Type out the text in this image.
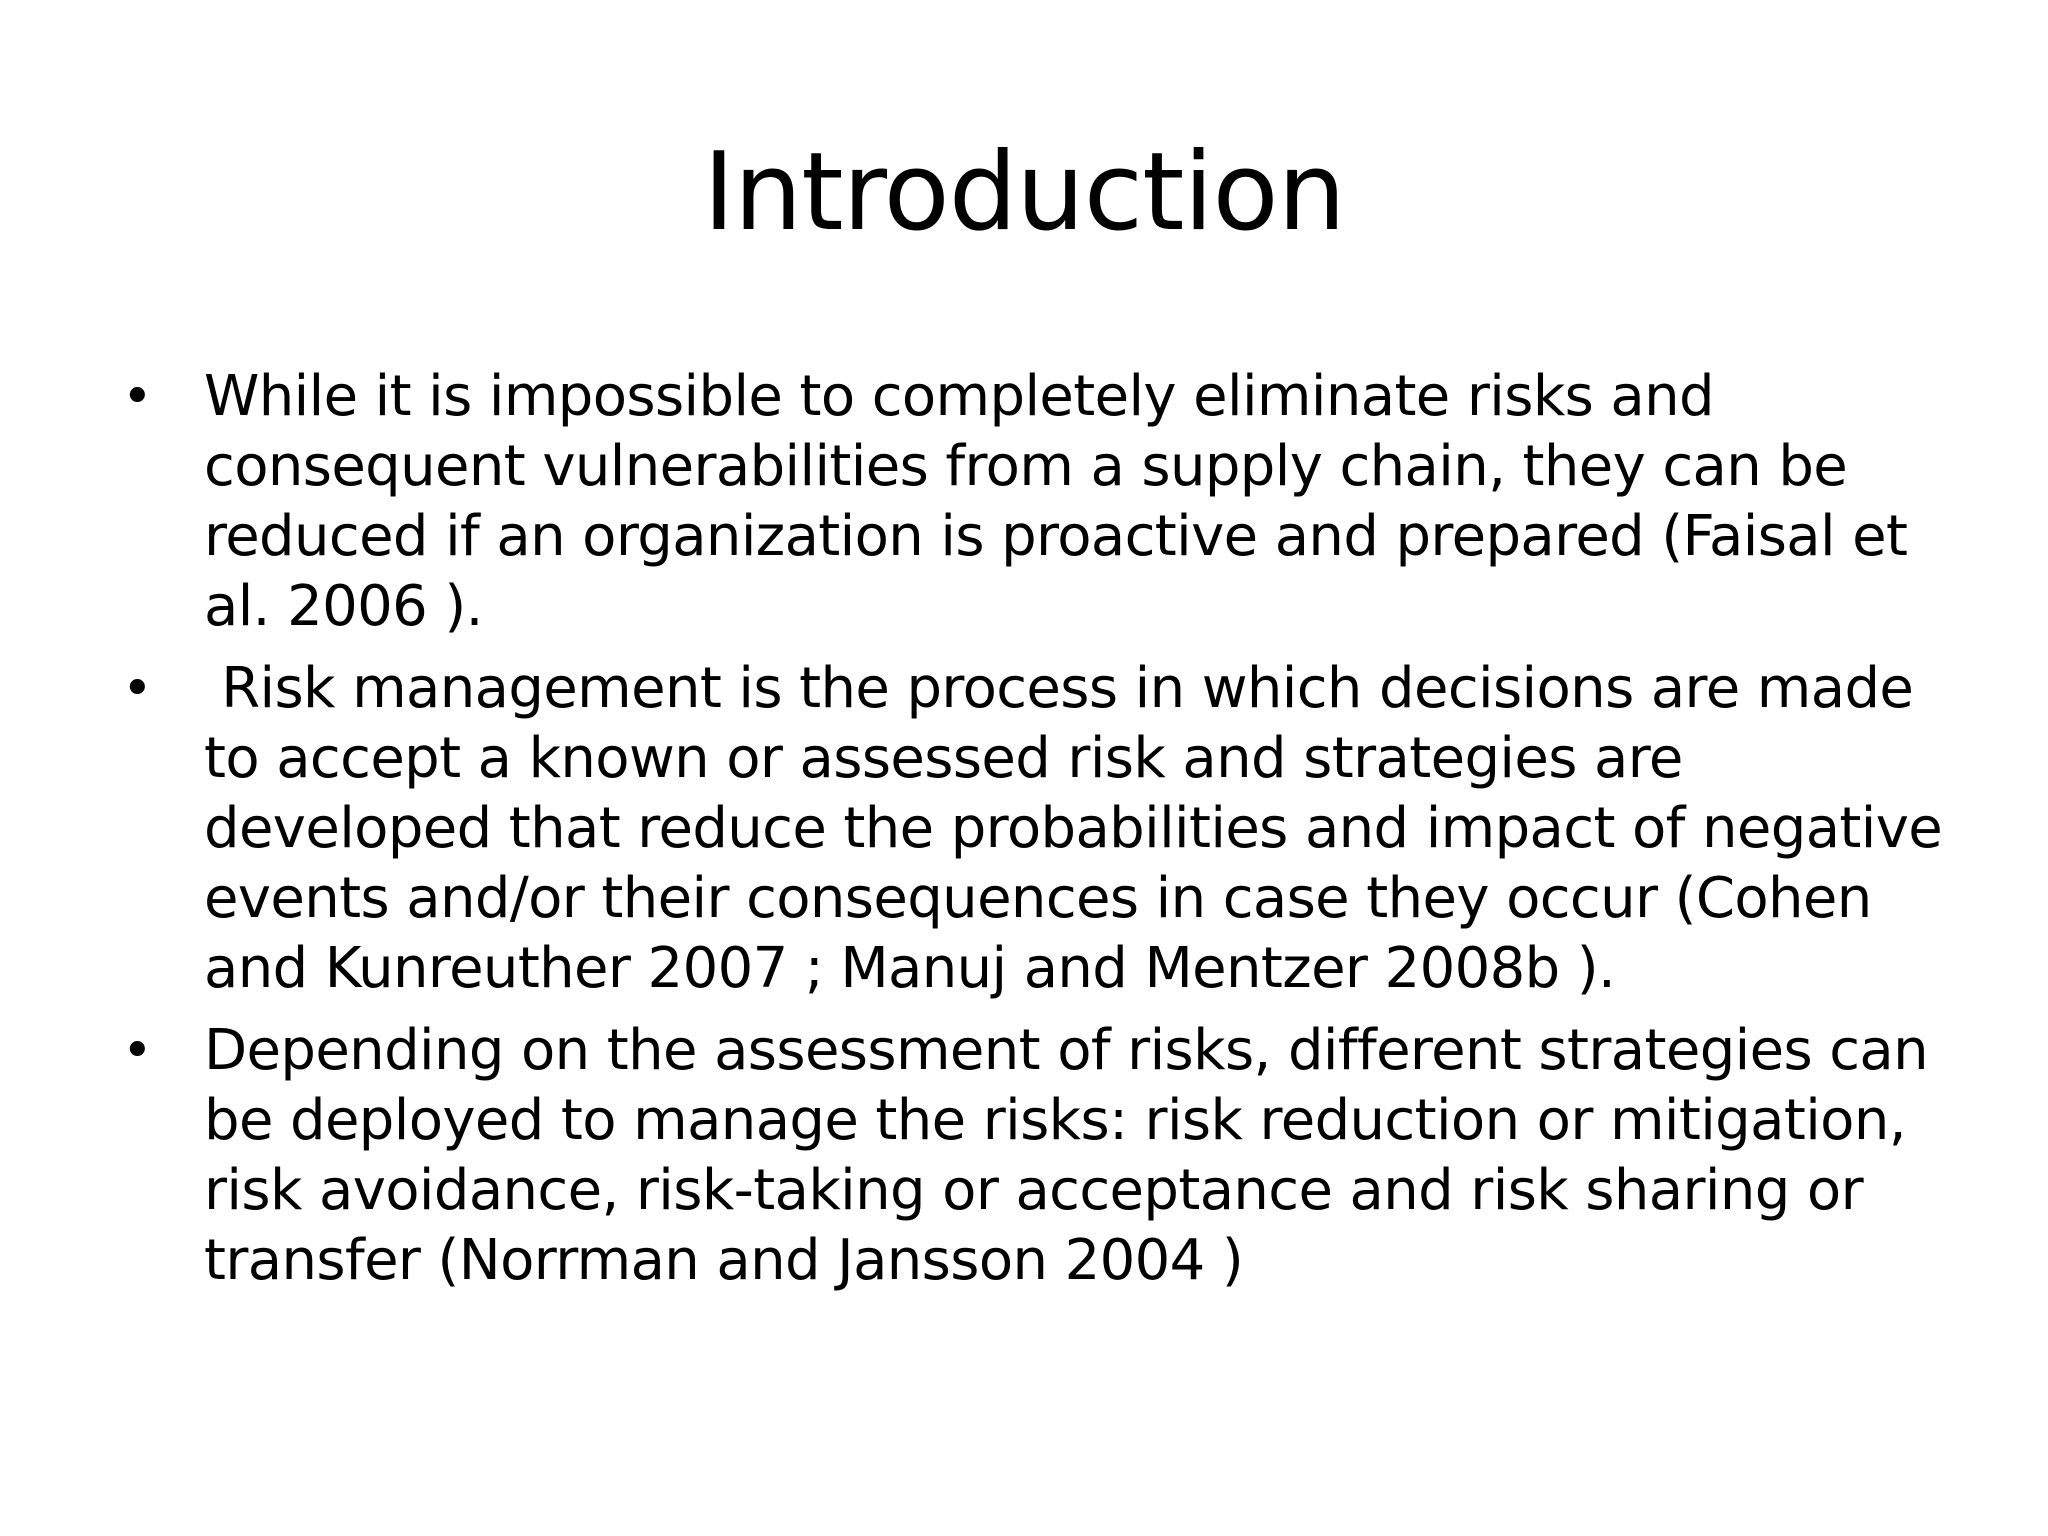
Introduction
• While it is impossible to completely eliminate risks and consequent vulnerabilities from a supply chain, they can be reduced if an organization is proactive and prepared (Faisal et al. 2006 ).
• Risk management is the process in which decisions are made to accept a known or assessed risk and strategies are developed that reduce the probabilities and impact of negative events and/or their consequences in case they occur (Cohen and Kunreuther 2007 ; Manuj and Mentzer 2008b ).
• Depending on the assessment of risks, different strategies can be deployed to manage the risks: risk reduction or mitigation, risk avoidance, risk-taking or acceptance and risk sharing or transfer (Norrman and Jansson 2004 )
